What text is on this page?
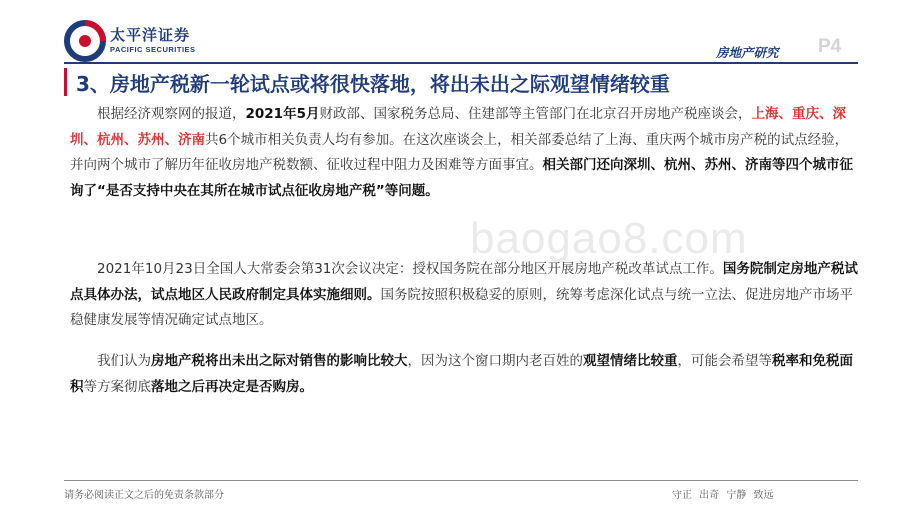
太平洋证券
PACIFIC SECURITIES	房地产研究 P4
3、房地产税新一轮试点或将很快落地，将出未出之际观望情绪较重
baogao8.com

根据经济观察网的报道，2021年5月财政部、国家税务总局、住建部等主管部门在北京召开房地产税座谈会，上海、重庆、深圳、杭州、苏州、济南共6个城市相关负责人均有参加。在这次座谈会上，相关部委总结了上海、重庆两个城市房产税的试点经验，并向两个城市了解历年征收房地产税数额、征收过程中阻力及困难等方面事宜。相关部门还向深圳、杭州、苏州、济南等四个城市征询了“是否支持中央在其所在城市试点征收房地产税”等问题。

2021年10月23日全国人大常委会第31次会议决定：授权国务院在部分地区开展房地产税改革试点工作。国务院制定房地产税试点具体办法，试点地区人民政府制定具体实施细则。国务院按照积极稳妥的原则，统筹考虑深化试点与统一立法、促进房地产市场平稳健康发展等情况确定试点地区。

我们认为房地产税将出未出之际对销售的影响比较大，因为这个窗口期内老百姓的观望情绪比较重，可能会希望等税率和免税面积等方案彻底落地之后再决定是否购房。

请务必阅读正文之后的免责条款部分	守正 出奇 宁静 致远
